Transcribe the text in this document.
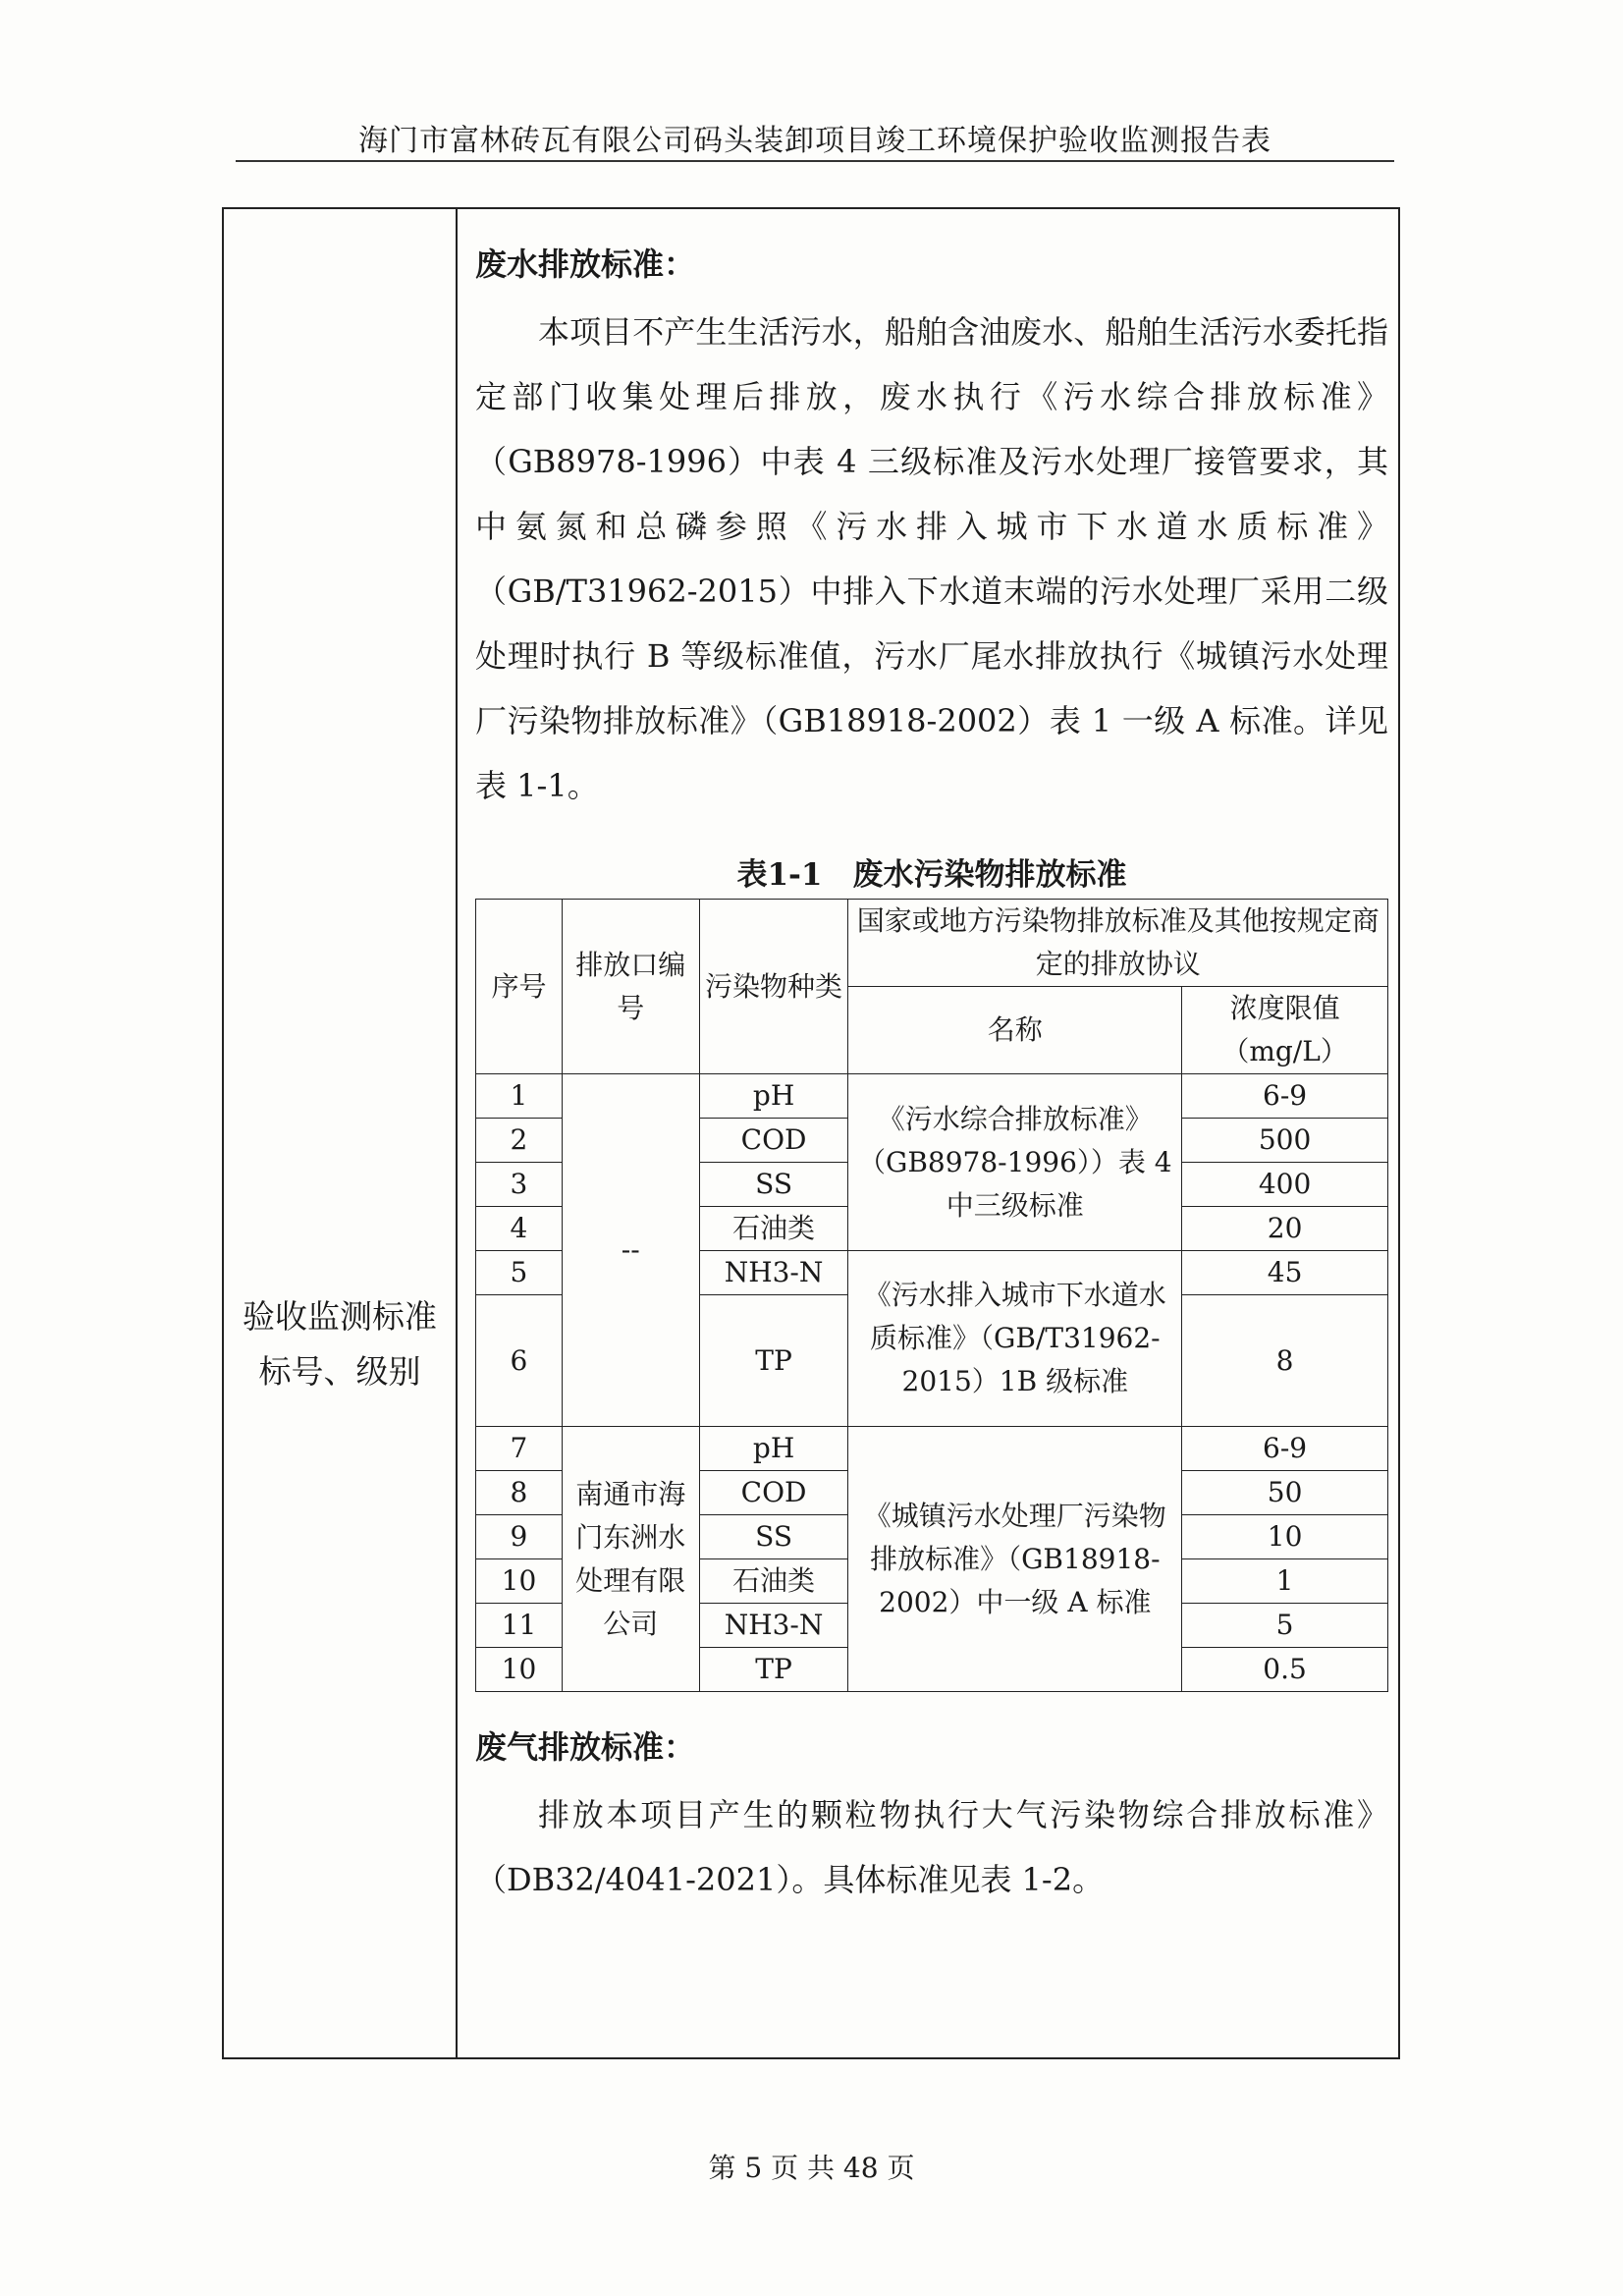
海门市富林砖瓦有限公司码头装卸项目竣工环境保护验收监测报告表
验收监测标准
标号、级别
废水排放标准：

本项目不产生生活污水，船舶含油废水、船舶生活污水委托指定部门收集处理后排放，废水执行《污水综合排放标准》（GB8978-1996）中表 4 三级标准及污水处理厂接管要求，其中氨氮和总磷参照《污水排入城市下水道水质标准》（GB/T31962-2015）中排入下水道末端的污水处理厂采用二级处理时执行 B 等级标准值，污水厂尾水排放执行《城镇污水处理厂污染物排放标准》（GB18918-2002）表 1 一级 A 标准。详见表 1-1。

表1-1　废水污染物排放标准
序号	排放口编号	污染物种类	国家或地方污染物排放标准及其他按规定商定的排放协议	
			名称	浓度限值（mg/L）
1	--	pH	《污水综合排放标准》（GB8978-1996））表 4 中三级标准	6-9
2		COD		500
3		SS		400
4		石油类		20
5		NH3-N	《污水排入城市下水道水质标准》（GB/T31962-2015）1B 级标准	45
6		TP		8
7	南通市海门东洲水处理有限公司	pH	《城镇污水处理厂污染物排放标准》（GB18918-2002）中一级 A 标准	6-9
8		COD		50
9		SS		10
10		石油类		1
11		NH3-N		5
10		TP		0.5
废气排放标准：

排放本项目产生的颗粒物执行大气污染物综合排放标准》（DB32/4041-2021）。具体标准见表 1-2。

第 5 页 共 48 页
